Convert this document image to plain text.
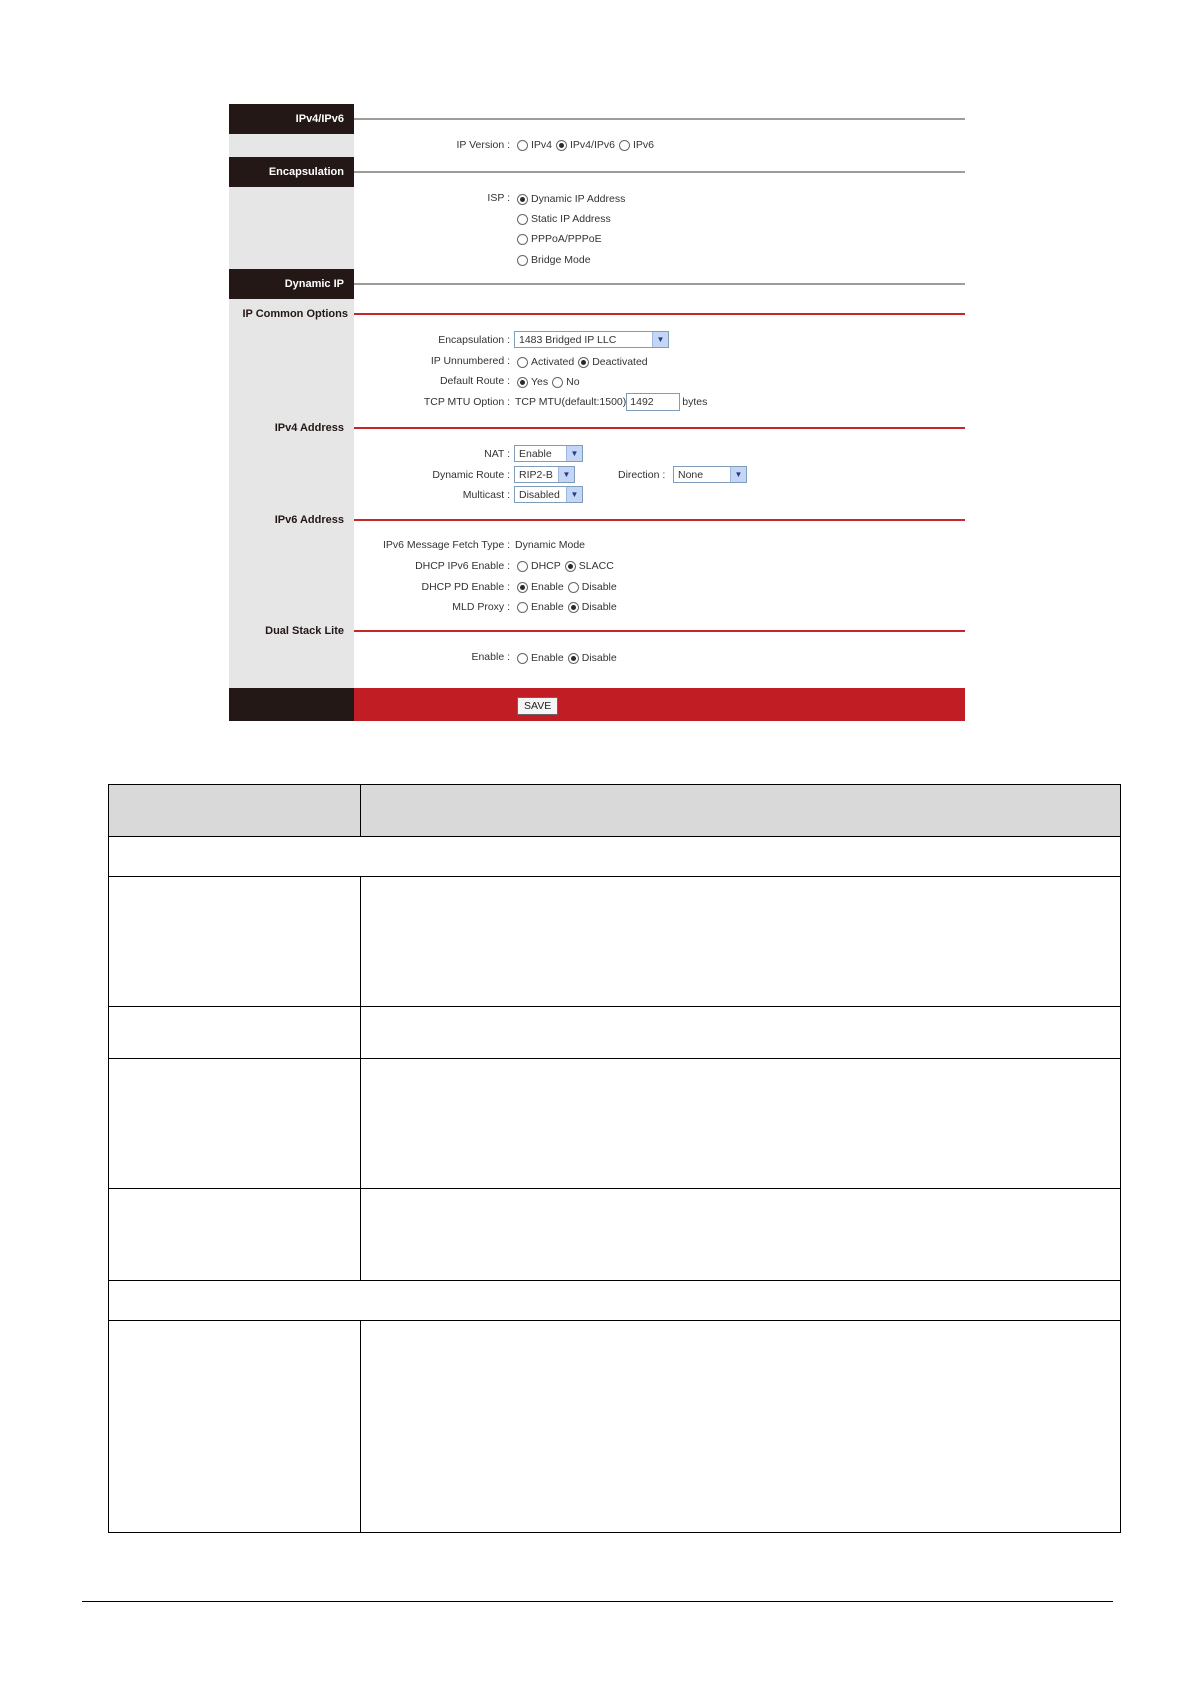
IPv4/IPv6
IP Version : IPv4 IPv4/IPv6 IPv6
Encapsulation
ISP : Dynamic IP Address
Static IP Address
PPPoA/PPPoE
Bridge Mode
Dynamic IP
IP Common Options
Encapsulation : 1483 Bridged IP LLC	▼
IP Unnumbered : Activated Deactivated
Default Route : Yes No
TCP MTU Option : TCP MTU(default:1500) 1492	bytes
IPv4 Address
NAT : Enable	▼
Dynamic Route : RIP2-B	▼	Direction :	None	▼
Multicast : Disabled	▼
IPv6 Address
IPv6 Message Fetch Type : Dynamic Mode
DHCP IPv6 Enable : DHCP SLACC
DHCP PD Enable : Enable Disable
MLD Proxy : Enable Disable
Dual Stack Lite
Enable : Enable Disable
SAVE
